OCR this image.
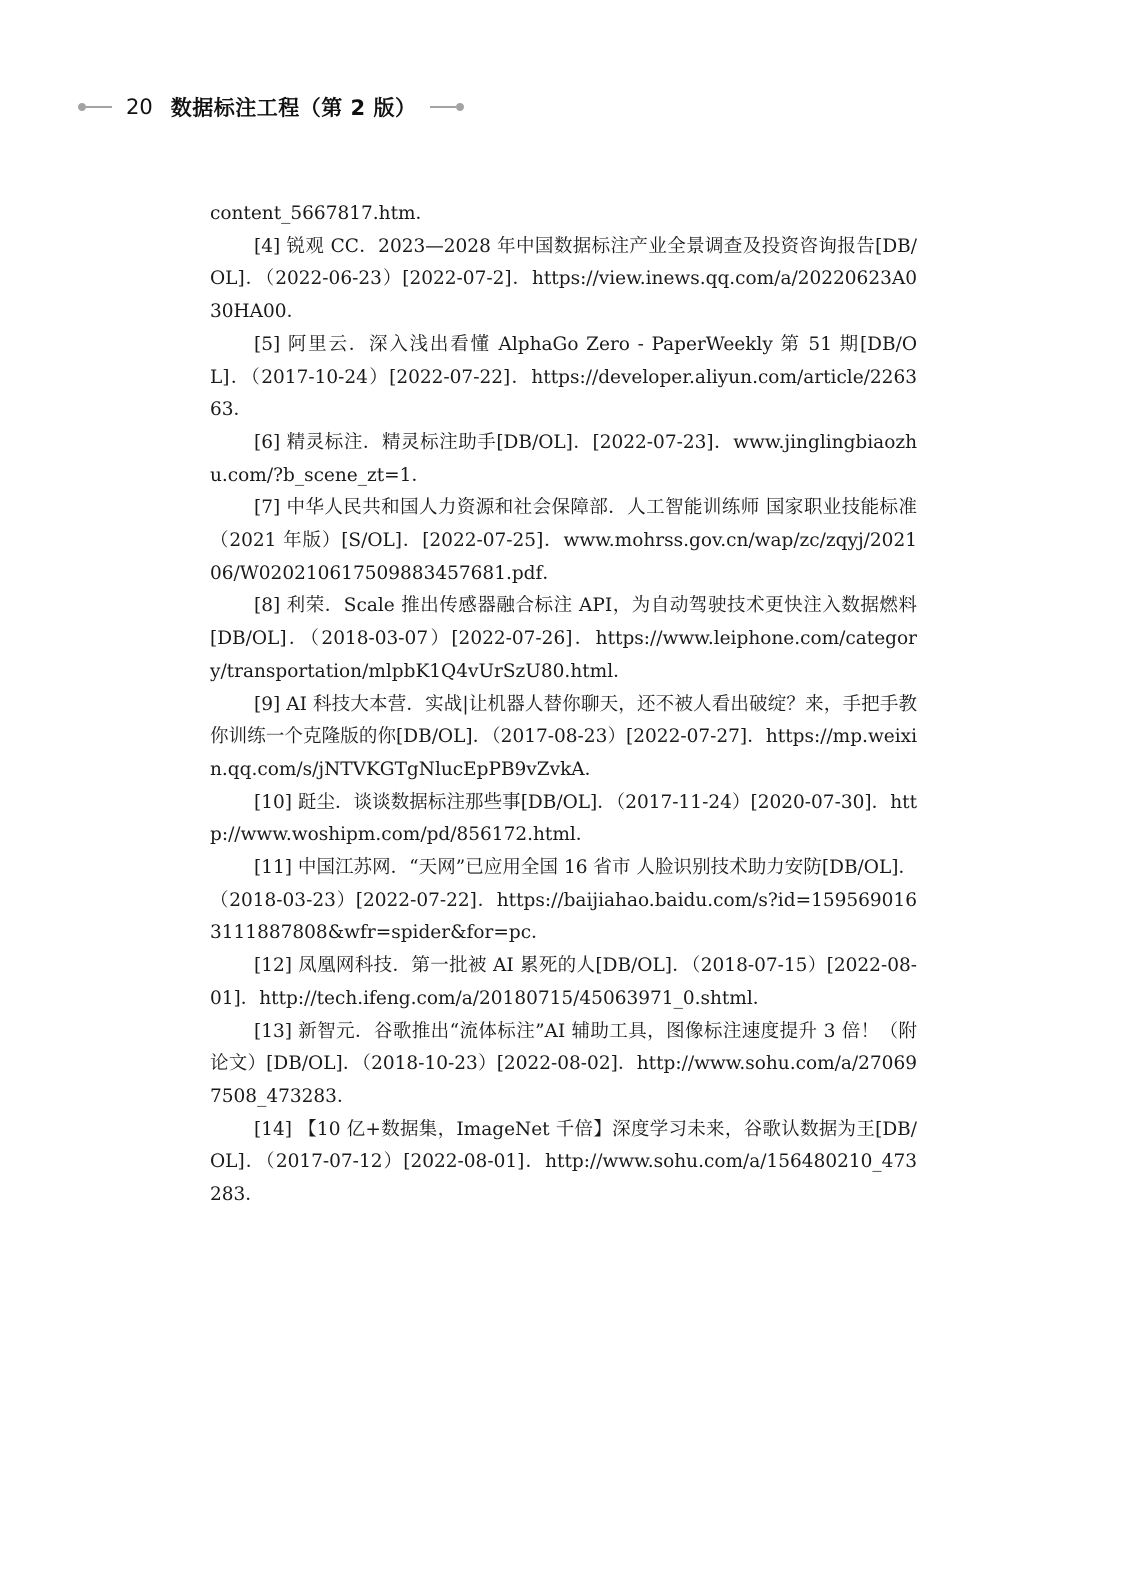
20 数据标注工程（第 2 版）

content_5667817.htm．

[4] 锐观 CC．2023—2028 年中国数据标注产业全景调查及投资咨询报告[DB/OL]．（2022-06-23）[2022-07-2]．https://view.inews.qq.com/a/20220623A030HA00．

[5] 阿里云．深入浅出看懂 AlphaGo Zero - PaperWeekly 第 51 期[DB/OL]．（2017-10-24）[2022-07-22]．https://developer.aliyun.com/article/226363．

[6] 精灵标注．精灵标注助手[DB/OL]．[2022-07-23]．www.jinglingbiaozhu.com/?b_scene_zt=1．

[7] 中华人民共和国人力资源和社会保障部．人工智能训练师 国家职业技能标准（2021 年版）[S/OL]．[2022-07-25]．www.mohrss.gov.cn/wap/zc/zqyj/202106/W020210617509883457681.pdf．

[8] 利荣．Scale 推出传感器融合标注 API，为自动驾驶技术更快注入数据燃料[DB/OL]．（2018-03-07）[2022-07-26]．https://www.leiphone.com/category/transportation/mlpbK1Q4vUrSzU80.html．

[9] AI 科技大本营．实战|让机器人替你聊天，还不被人看出破绽？来，手把手教你训练一个克隆版的你[DB/OL]．（2017-08-23）[2022-07-27]．https://mp.weixin.qq.com/s/jNTVKGTgNlucEpPB9vZvkA．

[10] 跹尘．谈谈数据标注那些事[DB/OL]．（2017-11-24）[2020-07-30]．http://www.woshipm.com/pd/856172.html．

[11] 中国江苏网．“天网”已应用全国 16 省市 人脸识别技术助力安防[DB/OL]．（2018-03-23）[2022-07-22]．https://baijiahao.baidu.com/s?id=1595690163111887808&wfr=spider&for=pc．

[12] 凤凰网科技．第一批被 AI 累死的人[DB/OL]．（2018-07-15）[2022-08-01]．http://tech.ifeng.com/a/20180715/45063971_0.shtml．

[13] 新智元．谷歌推出“流体标注”AI 辅助工具，图像标注速度提升 3 倍！（附论文）[DB/OL]．（2018-10-23）[2022-08-02]．http://www.sohu.com/a/270697508_473283．

[14] 【10 亿+数据集，ImageNet 千倍】深度学习未来，谷歌认数据为王[DB/OL]．（2017-07-12）[2022-08-01]．http://www.sohu.com/a/156480210_473283．
